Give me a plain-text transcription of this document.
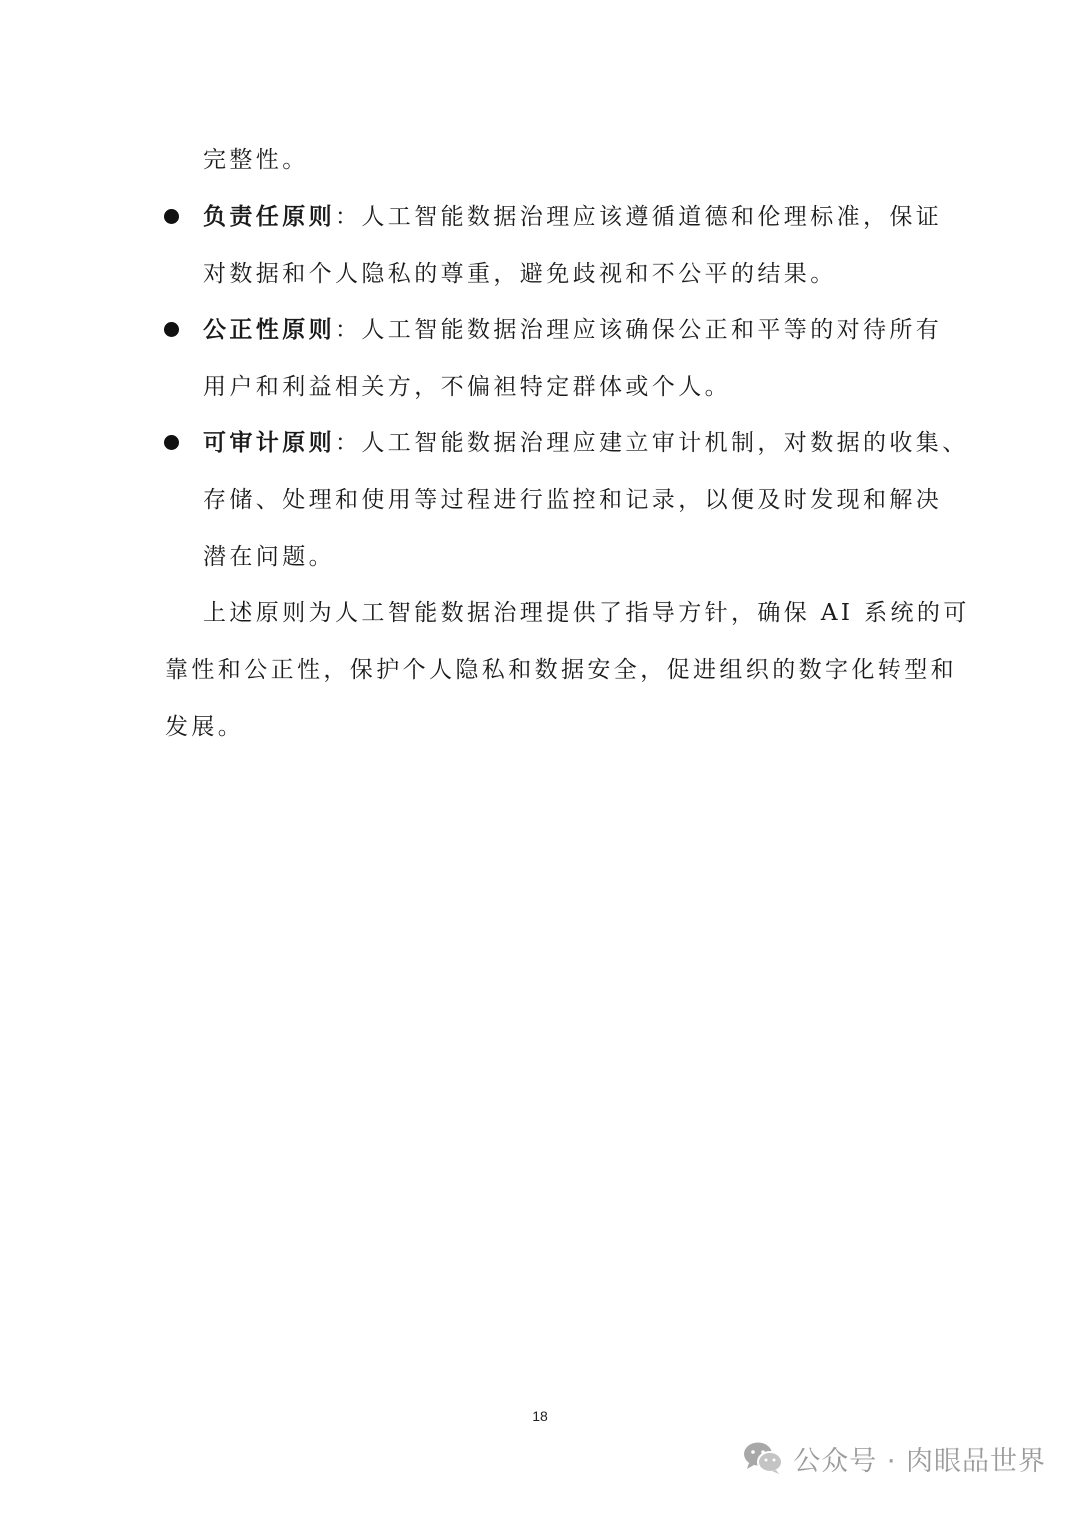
完整性。
负责任原则：人工智能数据治理应该遵循道德和伦理标准，保证
对数据和个人隐私的尊重，避免歧视和不公平的结果。
公正性原则：人工智能数据治理应该确保公正和平等的对待所有
用户和利益相关方，不偏袒特定群体或个人。
可审计原则：人工智能数据治理应建立审计机制，对数据的收集、
存储、处理和使用等过程进行监控和记录，以便及时发现和解决
潜在问题。
上述原则为人工智能数据治理提供了指导方针，确保 AI 系统的可
靠性和公正性，保护个人隐私和数据安全，促进组织的数字化转型和
发展。
18
公众号 · 肉眼品世界
